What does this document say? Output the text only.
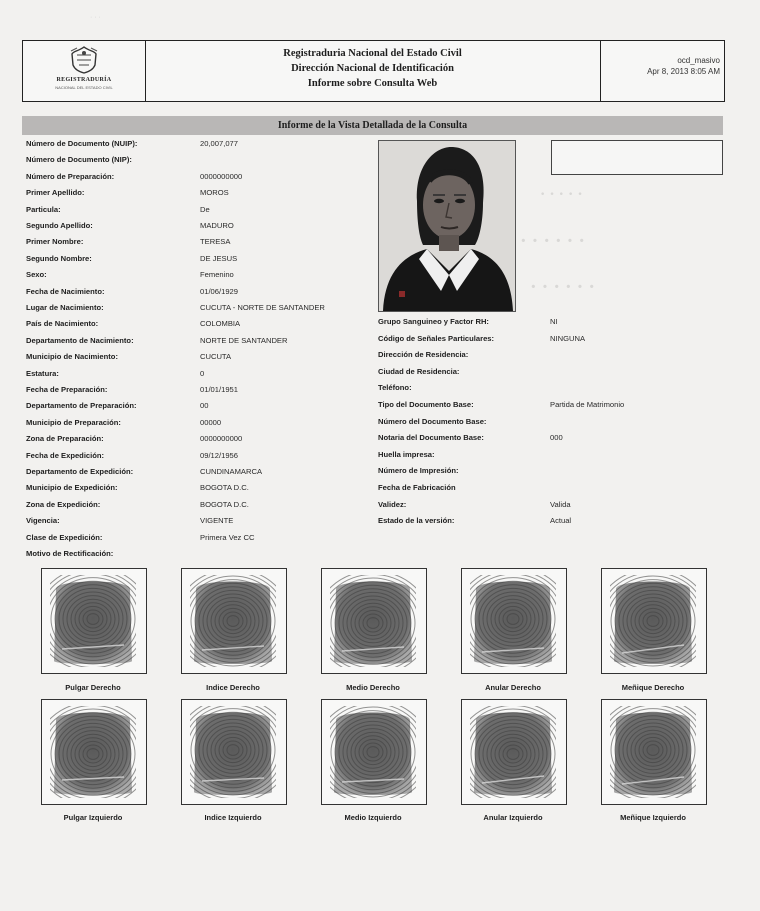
· · ·
· · · · ·
· · · · · ·
· · · · · ·
REGISTRADURÍA
NACIONAL DEL ESTADO CIVIL
Registraduria Nacional del Estado Civil
Dirección Nacional de Identificación
Informe sobre Consulta Web
ocd_masivo
Apr 8, 2013 8:05 AM
Informe de la Vista Detallada de la Consulta
Número de Documento (NUIP):	20,007,077
Número de Documento (NIP):
Número de Preparación:	0000000000
Primer Apellido:	MOROS
Particula:	De
Segundo Apellido:	MADURO
Primer Nombre:	TERESA
Segundo Nombre:	DE JESUS
Sexo:	Femenino
Fecha de Nacimiento:	01/06/1929
Lugar de Nacimiento:	CUCUTA - NORTE DE SANTANDER
País de Nacimiento:	COLOMBIA
Departamento de Nacimiento:	NORTE DE SANTANDER
Municipio de Nacimiento:	CUCUTA
Estatura:	0
Fecha de Preparación:	01/01/1951
Departamento de Preparación:	00
Municipio de Preparación:	00000
Zona de Preparación:	0000000000
Fecha de Expedición:	09/12/1956
Departamento de Expedición:	CUNDINAMARCA
Municipio de Expedición:	BOGOTA D.C.
Zona de Expedición:	BOGOTA D.C.
Vigencia:	VIGENTE
Clase de Expedición:	Primera Vez CC
Motivo de Rectificación:
Grupo Sanguineo y Factor RH:	NI
Código de Señales Particulares:	NINGUNA
Dirección de Residencia:
Ciudad de Residencia:
Teléfono:
Tipo del Documento Base:	Partida de Matrimonio
Número del Documento Base:
Notaria del Documento Base:	000
Huella impresa:
Número de Impresión:
Fecha de Fabricación
Validez:	Valida
Estado de la versión:	Actual
Pulgar Derecho	Indice Derecho	Medio Derecho	Anular Derecho	Meñique Derecho
Pulgar Izquierdo	Indice Izquierdo	Medio Izquierdo	Anular Izquierdo	Meñique Izquierdo
